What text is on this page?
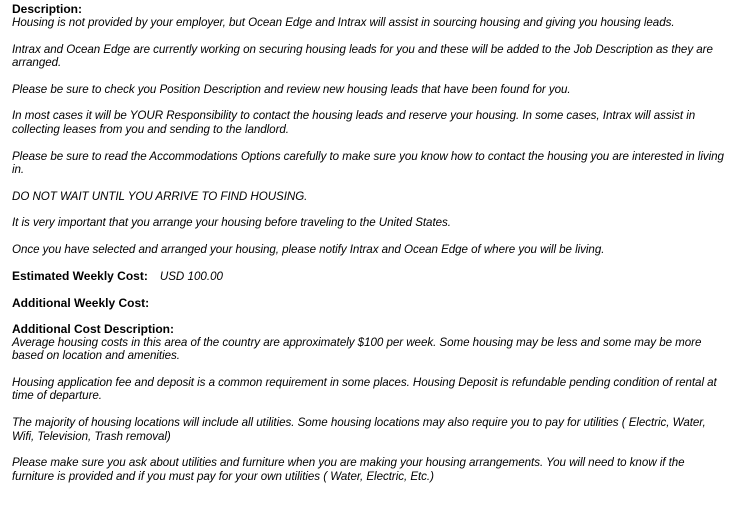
Description:

Housing is not provided by your employer, but Ocean Edge and Intrax will assist in sourcing housing and giving you housing leads.

Intrax and Ocean Edge are currently working on securing housing leads for you and these will be added to the Job Description as they are arranged.

Please be sure to check you Position Description and review new housing leads that have been found for you.

In most cases it will be YOUR Responsibility to contact the housing leads and reserve your housing. In some cases, Intrax will assist in collecting leases from you and sending to the landlord.

Please be sure to read the Accommodations Options carefully to make sure you know how to contact the housing you are interested in living in.

DO NOT WAIT UNTIL YOU ARRIVE TO FIND HOUSING.

It is very important that you arrange your housing before traveling to the United States.

Once you have selected and arranged your housing, please notify Intrax and Ocean Edge of where you will be living.

Estimated Weekly Cost: USD 100.00
Additional Weekly Cost:
Additional Cost Description:

Average housing costs in this area of the country are approximately $100 per week. Some housing may be less and some may be more based on location and amenities.

Housing application fee and deposit is a common requirement in some places. Housing Deposit is refundable pending condition of rental at time of departure.

The majority of housing locations will include all utilities. Some housing locations may also require you to pay for utilities ( Electric, Water, Wifi, Television, Trash removal)

Please make sure you ask about utilities and furniture when you are making your housing arrangements. You will need to know if the furniture is provided and if you must pay for your own utilities ( Water, Electric, Etc.)
